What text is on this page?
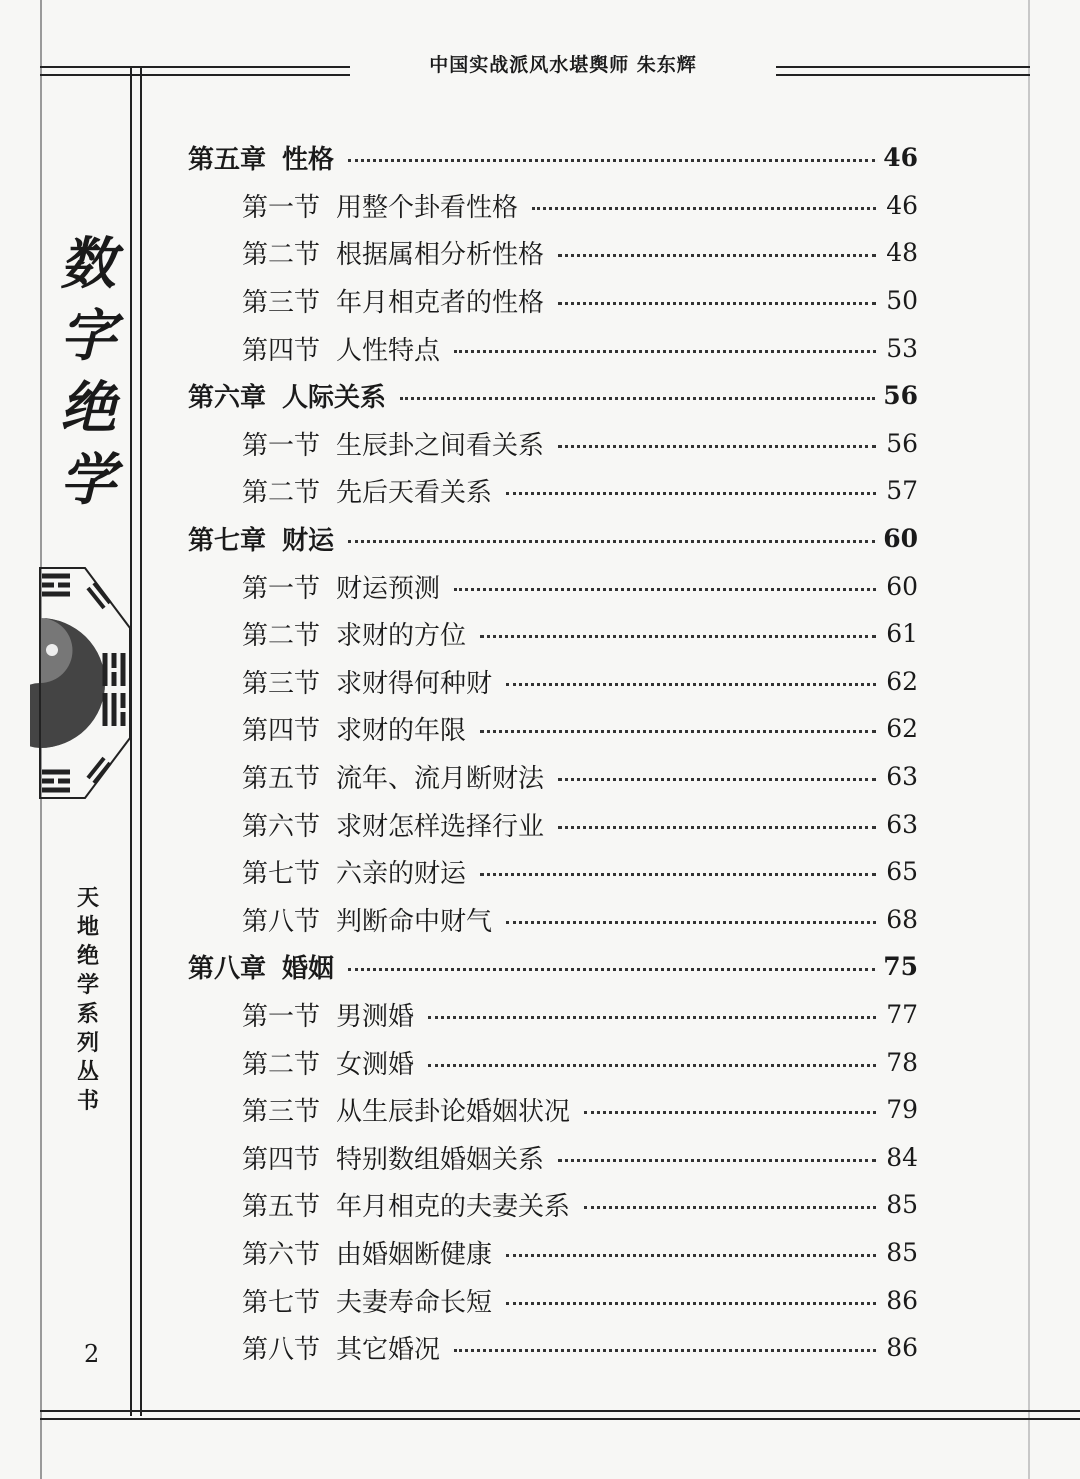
中国实战派风水堪舆师 朱东辉
数
字
绝
学
天
地
绝
学
系
列
丛
书
2
第五章 性格	46
第一节 用整个卦看性格	46
第二节 根据属相分析性格	48
第三节 年月相克者的性格	50
第四节 人性特点	53
第六章 人际关系	56
第一节 生辰卦之间看关系	56
第二节 先后天看关系	57
第七章 财运	60
第一节 财运预测	60
第二节 求财的方位	61
第三节 求财得何种财	62
第四节 求财的年限	62
第五节 流年、流月断财法	63
第六节 求财怎样选择行业	63
第七节 六亲的财运	65
第八节 判断命中财气	68
第八章 婚姻	75
第一节 男测婚	77
第二节 女测婚	78
第三节 从生辰卦论婚姻状况	79
第四节 特别数组婚姻关系	84
第五节 年月相克的夫妻关系	85
第六节 由婚姻断健康	85
第七节 夫妻寿命长短	86
第八节 其它婚况	86
